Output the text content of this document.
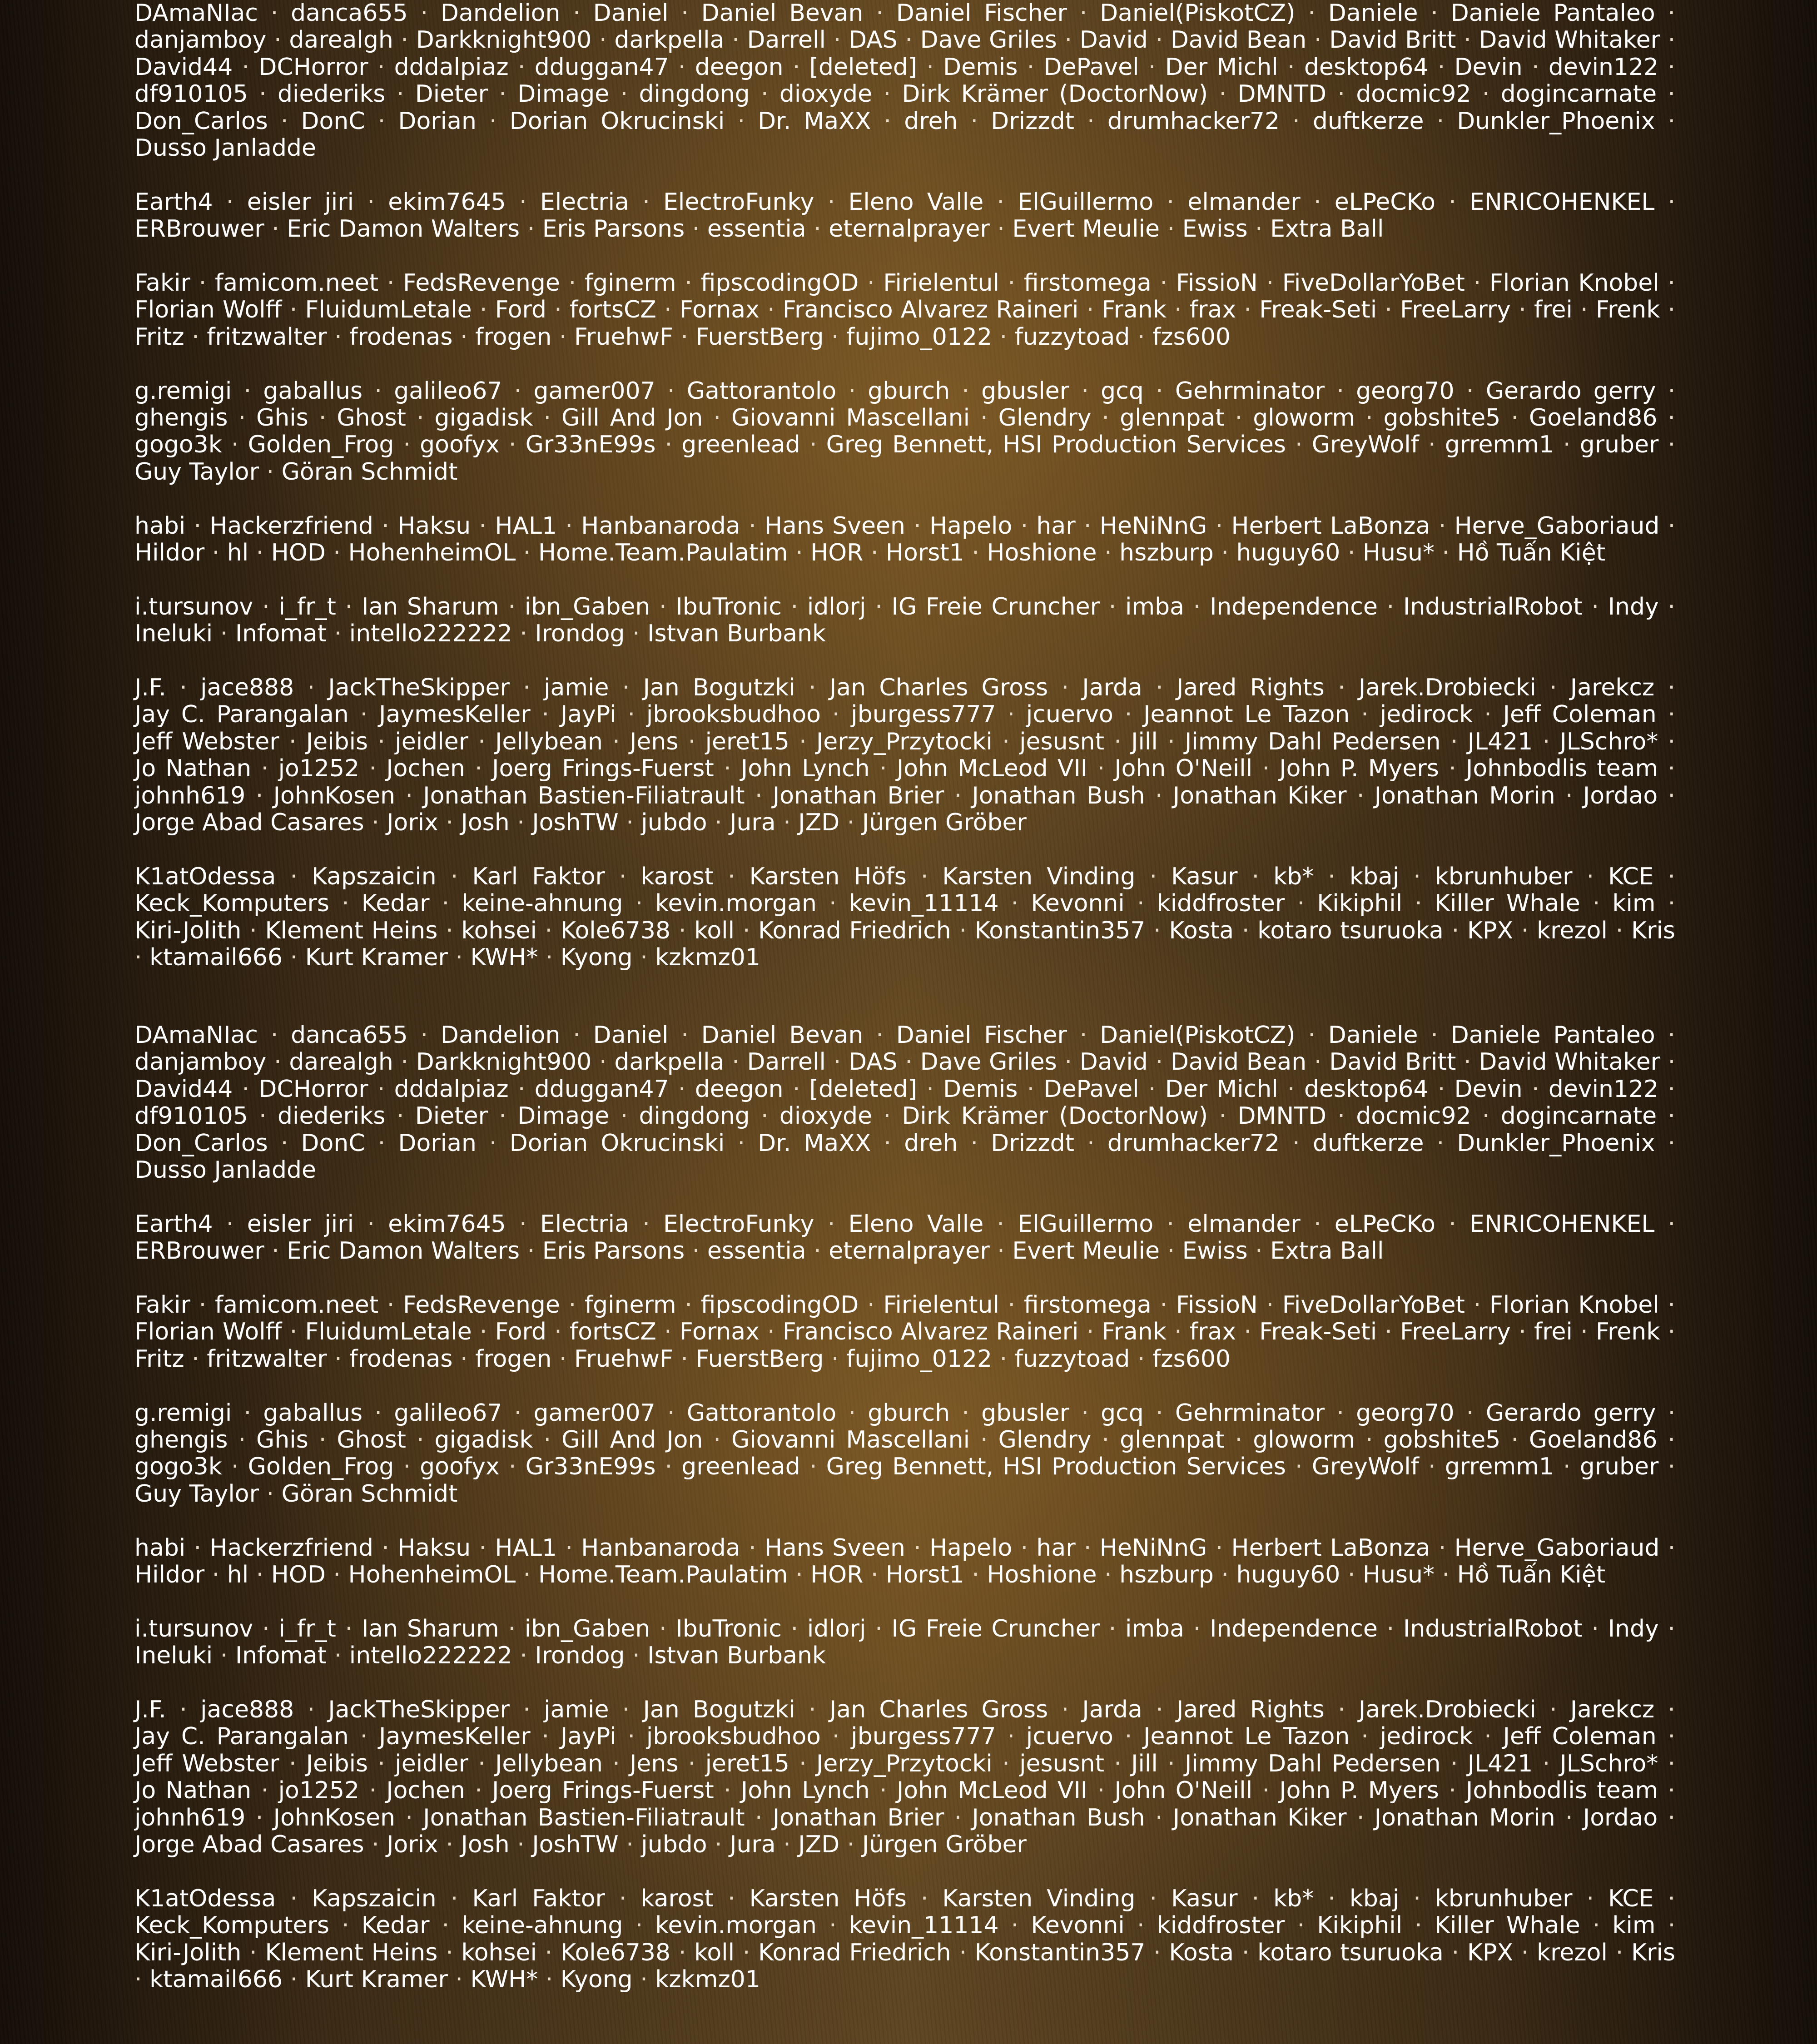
DAmaNIac · danca655 · Dandelion · Daniel · Daniel Bevan · Daniel Fischer · Daniel(PiskotCZ) · Daniele · Daniele Pantaleo · danjamboy · darealgh · Darkknight900 · darkpella · Darrell · DAS · Dave Griles · David · David Bean · David Britt · David Whitaker · David44 · DCHorror · dddalpiaz · dduggan47 · deegon · [deleted] · Demis · DePavel · Der Michl · desktop64 · Devin · devin122 · df910105 · diederiks · Dieter · Dimage · dingdong · dioxyde · Dirk Krämer (DoctorNow) · DMNTD · docmic92 · dogincarnate · Don_Carlos · DonC · Dorian · Dorian Okrucinski · Dr. MaXX · dreh · Drizzdt · drumhacker72 · duftkerze · Dunkler_Phoenix · Dusso Janladde
Earth4 · eisler jiri · ekim7645 · Electria · ElectroFunky · Eleno Valle · ElGuillermo · elmander · eLPeCKo · ENRICOHENKEL · ERBrouwer · Eric Damon Walters · Eris Parsons · essentia · eternalprayer · Evert Meulie · Ewiss · Extra Ball
Fakir · famicom.neet · FedsRevenge · fginerm · fipscodingOD · Firielentul · firstomega · FissioN · FiveDollarYoBet · Florian Knobel · Florian Wolff · FluidumLetale · Ford · fortsCZ · Fornax · Francisco Alvarez Raineri · Frank · frax · Freak-Seti · FreeLarry · frei · Frenk · Fritz · fritzwalter · frodenas · frogen · FruehwF · FuerstBerg · fujimo_0122 · fuzzytoad · fzs600
g.remigi · gaballus · galileo67 · gamer007 · Gattorantolo · gburch · gbusler · gcq · Gehrminator · georg70 · Gerardo gerry · ghengis · Ghis · Ghost · gigadisk · Gill And Jon · Giovanni Mascellani · Glendry · glennpat · gloworm · gobshite5 · Goeland86 · gogo3k · Golden_Frog · goofyx · Gr33nE99s · greenlead · Greg Bennett, HSI Production Services · GreyWolf · grremm1 · gruber · Guy Taylor · Göran Schmidt
habi · Hackerzfriend · Haksu · HAL1 · Hanbanaroda · Hans Sveen · Hapelo · har · HeNiNnG · Herbert LaBonza · Herve_Gaboriaud · Hildor · hl · HOD · HohenheimOL · Home.Team.Paulatim · HOR · Horst1 · Hoshione · hszburp · huguy60 · Husu* · Hồ Tuấn Kiệt
i.tursunov · i_fr_t · Ian Sharum · ibn_Gaben · IbuTronic · idlorj · IG Freie Cruncher · imba · Independence · IndustrialRobot · Indy · Ineluki · Infomat · intello222222 · Irondog · Istvan Burbank
J.F. · jace888 · JackTheSkipper · jamie · Jan Bogutzki · Jan Charles Gross · Jarda · Jared Rights · Jarek.Drobiecki · Jarekcz · Jay C. Parangalan · JaymesKeller · JayPi · jbrooksbudhoo · jburgess777 · jcuervo · Jeannot Le Tazon · jedirock · Jeff Coleman · Jeff Webster · Jeibis · jeidler · Jellybean · Jens · jeret15 · Jerzy_Przytocki · jesusnt · Jill · Jimmy Dahl Pedersen · JL421 · JLSchro* · Jo Nathan · jo1252 · Jochen · Joerg Frings-Fuerst · John Lynch · John McLeod VII · John O'Neill · John P. Myers · Johnbodlis team · johnh619 · JohnKosen · Jonathan Bastien-Filiatrault · Jonathan Brier · Jonathan Bush · Jonathan Kiker · Jonathan Morin · Jordao · Jorge Abad Casares · Jorix · Josh · JoshTW · jubdo · Jura · JZD · Jürgen Gröber
K1atOdessa · Kapszaicin · Karl Faktor · karost · Karsten Höfs · Karsten Vinding · Kasur · kb* · kbaj · kbrunhuber · KCE · Keck_Komputers · Kedar · keine-ahnung · kevin.morgan · kevin_11114 · Kevonni · kiddfroster · Kikiphil · Killer Whale · kim · Kiri-Jolith · Klement Heins · kohsei · Kole6738 · koll · Konrad Friedrich · Konstantin357 · Kosta · kotaro tsuruoka · KPX · krezol · Kris · ktamail666 · Kurt Kramer · KWH* · Kyong · kzkmz01
DAmaNIac · danca655 · Dandelion · Daniel · Daniel Bevan · Daniel Fischer · Daniel(PiskotCZ) · Daniele · Daniele Pantaleo · danjamboy · darealgh · Darkknight900 · darkpella · Darrell · DAS · Dave Griles · David · David Bean · David Britt · David Whitaker · David44 · DCHorror · dddalpiaz · dduggan47 · deegon · [deleted] · Demis · DePavel · Der Michl · desktop64 · Devin · devin122 · df910105 · diederiks · Dieter · Dimage · dingdong · dioxyde · Dirk Krämer (DoctorNow) · DMNTD · docmic92 · dogincarnate · Don_Carlos · DonC · Dorian · Dorian Okrucinski · Dr. MaXX · dreh · Drizzdt · drumhacker72 · duftkerze · Dunkler_Phoenix · Dusso Janladde
Earth4 · eisler jiri · ekim7645 · Electria · ElectroFunky · Eleno Valle · ElGuillermo · elmander · eLPeCKo · ENRICOHENKEL · ERBrouwer · Eric Damon Walters · Eris Parsons · essentia · eternalprayer · Evert Meulie · Ewiss · Extra Ball
Fakir · famicom.neet · FedsRevenge · fginerm · fipscodingOD · Firielentul · firstomega · FissioN · FiveDollarYoBet · Florian Knobel · Florian Wolff · FluidumLetale · Ford · fortsCZ · Fornax · Francisco Alvarez Raineri · Frank · frax · Freak-Seti · FreeLarry · frei · Frenk · Fritz · fritzwalter · frodenas · frogen · FruehwF · FuerstBerg · fujimo_0122 · fuzzytoad · fzs600
g.remigi · gaballus · galileo67 · gamer007 · Gattorantolo · gburch · gbusler · gcq · Gehrminator · georg70 · Gerardo gerry · ghengis · Ghis · Ghost · gigadisk · Gill And Jon · Giovanni Mascellani · Glendry · glennpat · gloworm · gobshite5 · Goeland86 · gogo3k · Golden_Frog · goofyx · Gr33nE99s · greenlead · Greg Bennett, HSI Production Services · GreyWolf · grremm1 · gruber · Guy Taylor · Göran Schmidt
habi · Hackerzfriend · Haksu · HAL1 · Hanbanaroda · Hans Sveen · Hapelo · har · HeNiNnG · Herbert LaBonza · Herve_Gaboriaud · Hildor · hl · HOD · HohenheimOL · Home.Team.Paulatim · HOR · Horst1 · Hoshione · hszburp · huguy60 · Husu* · Hồ Tuấn Kiệt
i.tursunov · i_fr_t · Ian Sharum · ibn_Gaben · IbuTronic · idlorj · IG Freie Cruncher · imba · Independence · IndustrialRobot · Indy · Ineluki · Infomat · intello222222 · Irondog · Istvan Burbank
J.F. · jace888 · JackTheSkipper · jamie · Jan Bogutzki · Jan Charles Gross · Jarda · Jared Rights · Jarek.Drobiecki · Jarekcz · Jay C. Parangalan · JaymesKeller · JayPi · jbrooksbudhoo · jburgess777 · jcuervo · Jeannot Le Tazon · jedirock · Jeff Coleman · Jeff Webster · Jeibis · jeidler · Jellybean · Jens · jeret15 · Jerzy_Przytocki · jesusnt · Jill · Jimmy Dahl Pedersen · JL421 · JLSchro* · Jo Nathan · jo1252 · Jochen · Joerg Frings-Fuerst · John Lynch · John McLeod VII · John O'Neill · John P. Myers · Johnbodlis team · johnh619 · JohnKosen · Jonathan Bastien-Filiatrault · Jonathan Brier · Jonathan Bush · Jonathan Kiker · Jonathan Morin · Jordao · Jorge Abad Casares · Jorix · Josh · JoshTW · jubdo · Jura · JZD · Jürgen Gröber
K1atOdessa · Kapszaicin · Karl Faktor · karost · Karsten Höfs · Karsten Vinding · Kasur · kb* · kbaj · kbrunhuber · KCE · Keck_Komputers · Kedar · keine-ahnung · kevin.morgan · kevin_11114 · Kevonni · kiddfroster · Kikiphil · Killer Whale · kim · Kiri-Jolith · Klement Heins · kohsei · Kole6738 · koll · Konrad Friedrich · Konstantin357 · Kosta · kotaro tsuruoka · KPX · krezol · Kris · ktamail666 · Kurt Kramer · KWH* · Kyong · kzkmz01
